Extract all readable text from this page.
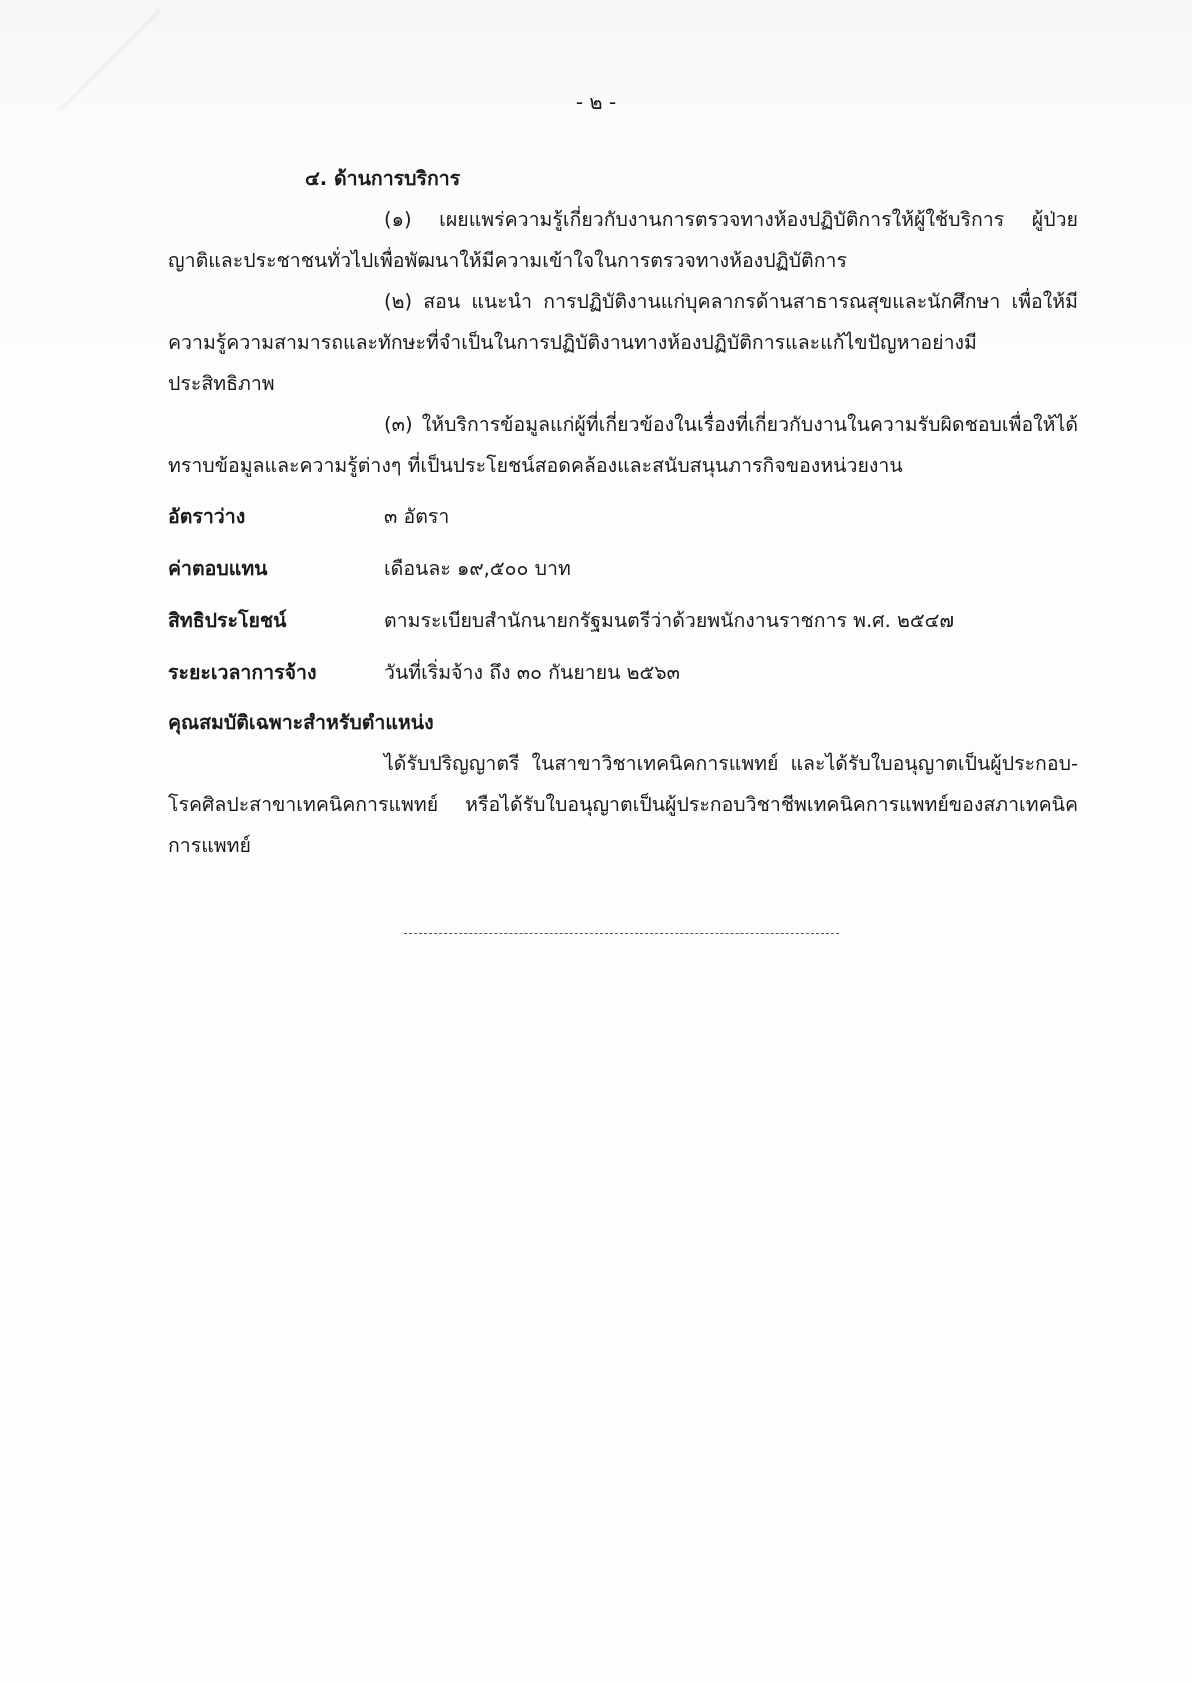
- ๒ -
๔. ด้านการบริการ

(๑) เผยแพร่ความรู้เกี่ยวกับงานการตรวจทางห้องปฏิบัติการให้ผู้ใช้บริการ ผู้ป่วย ญาติและประชาชนทั่วไปเพื่อพัฒนาให้มีความเข้าใจในการตรวจทางห้องปฏิบัติการ

(๒) สอน แนะนำ การปฏิบัติงานแก่บุคลากรด้านสาธารณสุขและนักศึกษา เพื่อให้มีความรู้ความสามารถและทักษะที่จำเป็นในการปฏิบัติงานทางห้องปฏิบัติการและแก้ไขปัญหาอย่างมีประสิทธิภาพ

(๓) ให้บริการข้อมูลแก่ผู้ที่เกี่ยวข้องในเรื่องที่เกี่ยวกับงานในความรับผิดชอบเพื่อให้ได้ทราบข้อมูลและความรู้ต่างๆ ที่เป็นประโยชน์สอดคล้องและสนับสนุนภารกิจของหน่วยงาน

อัตราว่าง	๓ อัตรา
ค่าตอบแทน	เดือนละ ๑๙,๕๐๐ บาท
สิทธิประโยชน์	ตามระเบียบสำนักนายกรัฐมนตรีว่าด้วยพนักงานราชการ พ.ศ. ๒๕๔๗
ระยะเวลาการจ้าง	วันที่เริ่มจ้าง ถึง ๓๐ กันยายน ๒๕๖๓
คุณสมบัติเฉพาะสำหรับตำแหน่ง

ได้รับปริญญาตรี ในสาขาวิชาเทคนิคการแพทย์ และได้รับใบอนุญาตเป็นผู้ประกอบ-โรคศิลปะสาขาเทคนิคการแพทย์ หรือได้รับใบอนุญาตเป็นผู้ประกอบวิชาชีพเทคนิคการแพทย์ของสภาเทคนิคการแพทย์
